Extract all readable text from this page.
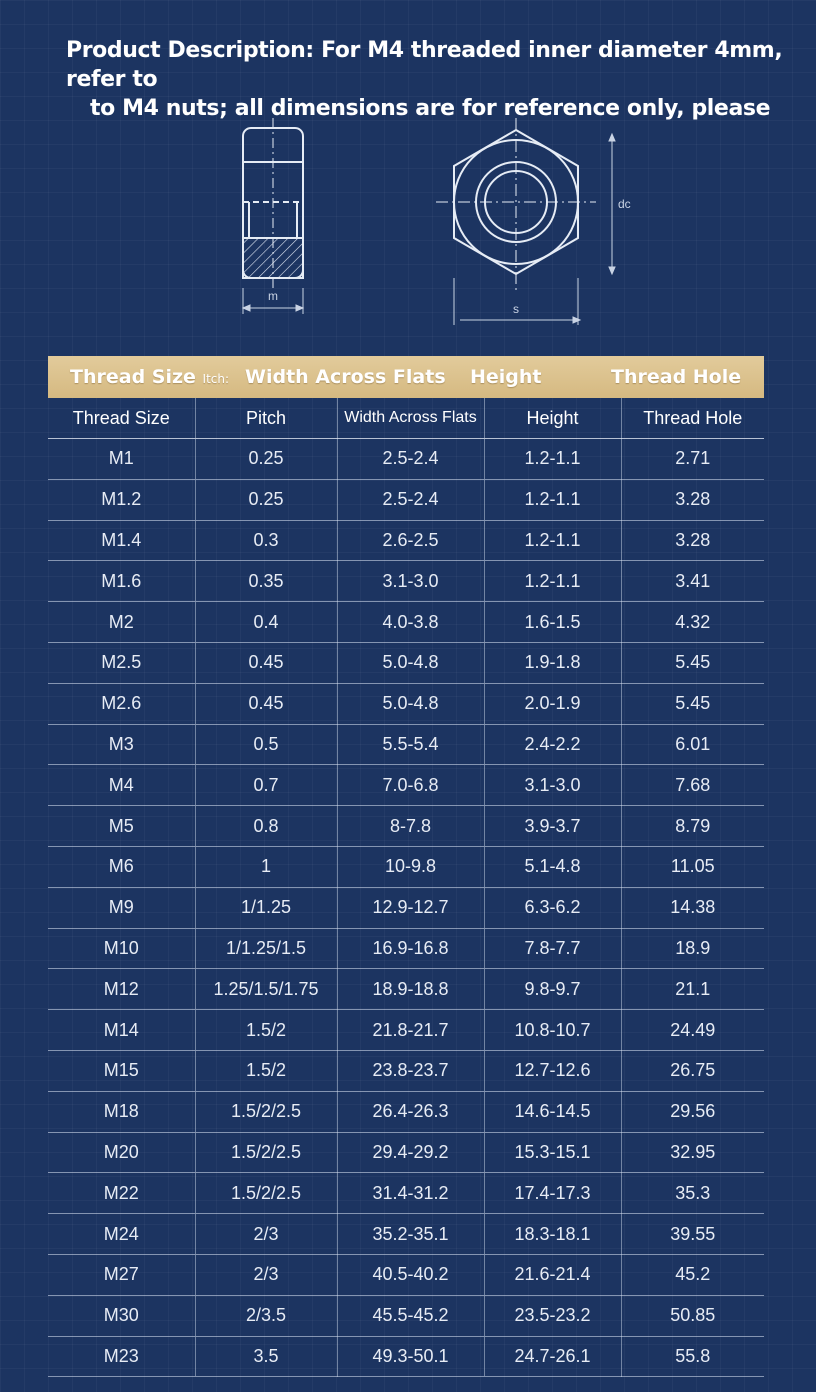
Product Description: For M4 threaded inner diameter 4mm, refer to
to M4 nuts; all dimensions are for reference only, please
m
s
dc
Thread Size Itch: Width Across Flats Height	Thread Hole
Thread Size	Pitch	Width Across Flats	Height	Thread Hole
M1	0.25	2.5-2.4	1.2-1.1	2.71
M1.2	0.25	2.5-2.4	1.2-1.1	3.28
M1.4	0.3	2.6-2.5	1.2-1.1	3.28
M1.6	0.35	3.1-3.0	1.2-1.1	3.41
M2	0.4	4.0-3.8	1.6-1.5	4.32
M2.5	0.45	5.0-4.8	1.9-1.8	5.45
M2.6	0.45	5.0-4.8	2.0-1.9	5.45
M3	0.5	5.5-5.4	2.4-2.2	6.01
M4	0.7	7.0-6.8	3.1-3.0	7.68
M5	0.8	8-7.8	3.9-3.7	8.79
M6	1	10-9.8	5.1-4.8	11.05
M9	1/1.25	12.9-12.7	6.3-6.2	14.38
M10	1/1.25/1.5	16.9-16.8	7.8-7.7	18.9
M12	1.25/1.5/1.75	18.9-18.8	9.8-9.7	21.1
M14	1.5/2	21.8-21.7	10.8-10.7	24.49
M15	1.5/2	23.8-23.7	12.7-12.6	26.75
M18	1.5/2/2.5	26.4-26.3	14.6-14.5	29.56
M20	1.5/2/2.5	29.4-29.2	15.3-15.1	32.95
M22	1.5/2/2.5	31.4-31.2	17.4-17.3	35.3
M24	2/3	35.2-35.1	18.3-18.1	39.55
M27	2/3	40.5-40.2	21.6-21.4	45.2
M30	2/3.5	45.5-45.2	23.5-23.2	50.85
M23	3.5	49.3-50.1	24.7-26.1	55.8
